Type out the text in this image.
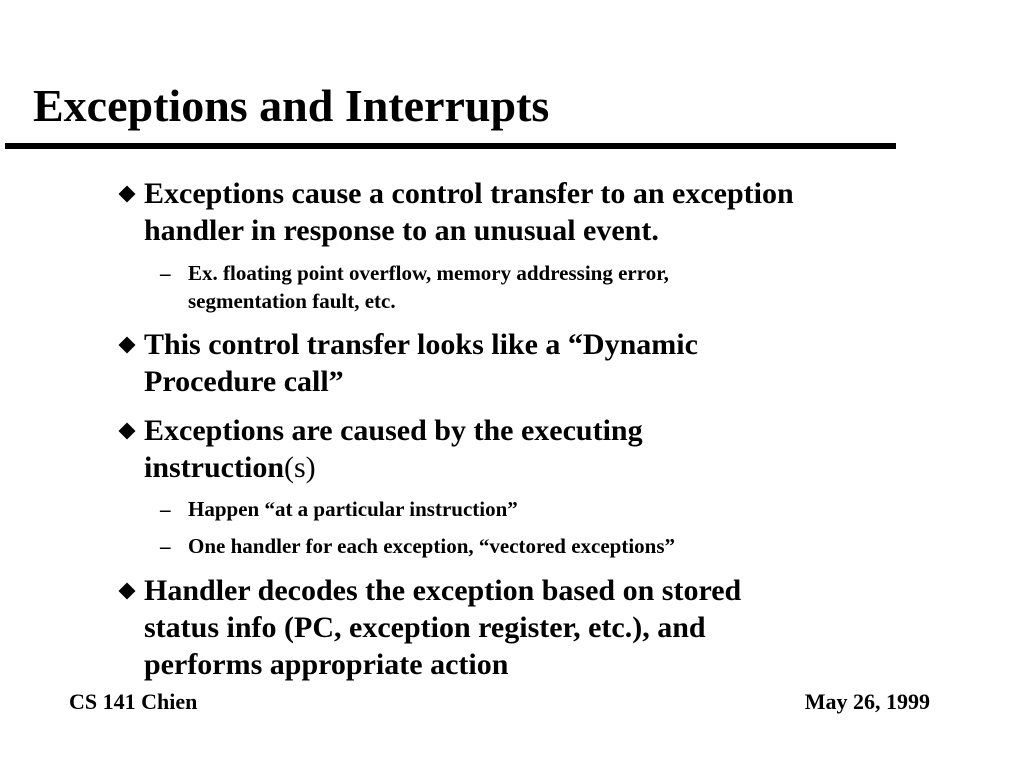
Exceptions and Interrupts
Exceptions cause a control transfer to an exception
handler in response to an unusual event.
– Ex. floating point overflow, memory addressing error,
segmentation fault, etc.
This control transfer looks like a “Dynamic
Procedure call”
Exceptions are caused by the executing
instruction(s)
– Happen “at a particular instruction”
– One handler for each exception, “vectored exceptions”
Handler decodes the exception based on stored
status info (PC, exception register, etc.), and
performs appropriate action
CS 141 Chien	May 26, 1999
